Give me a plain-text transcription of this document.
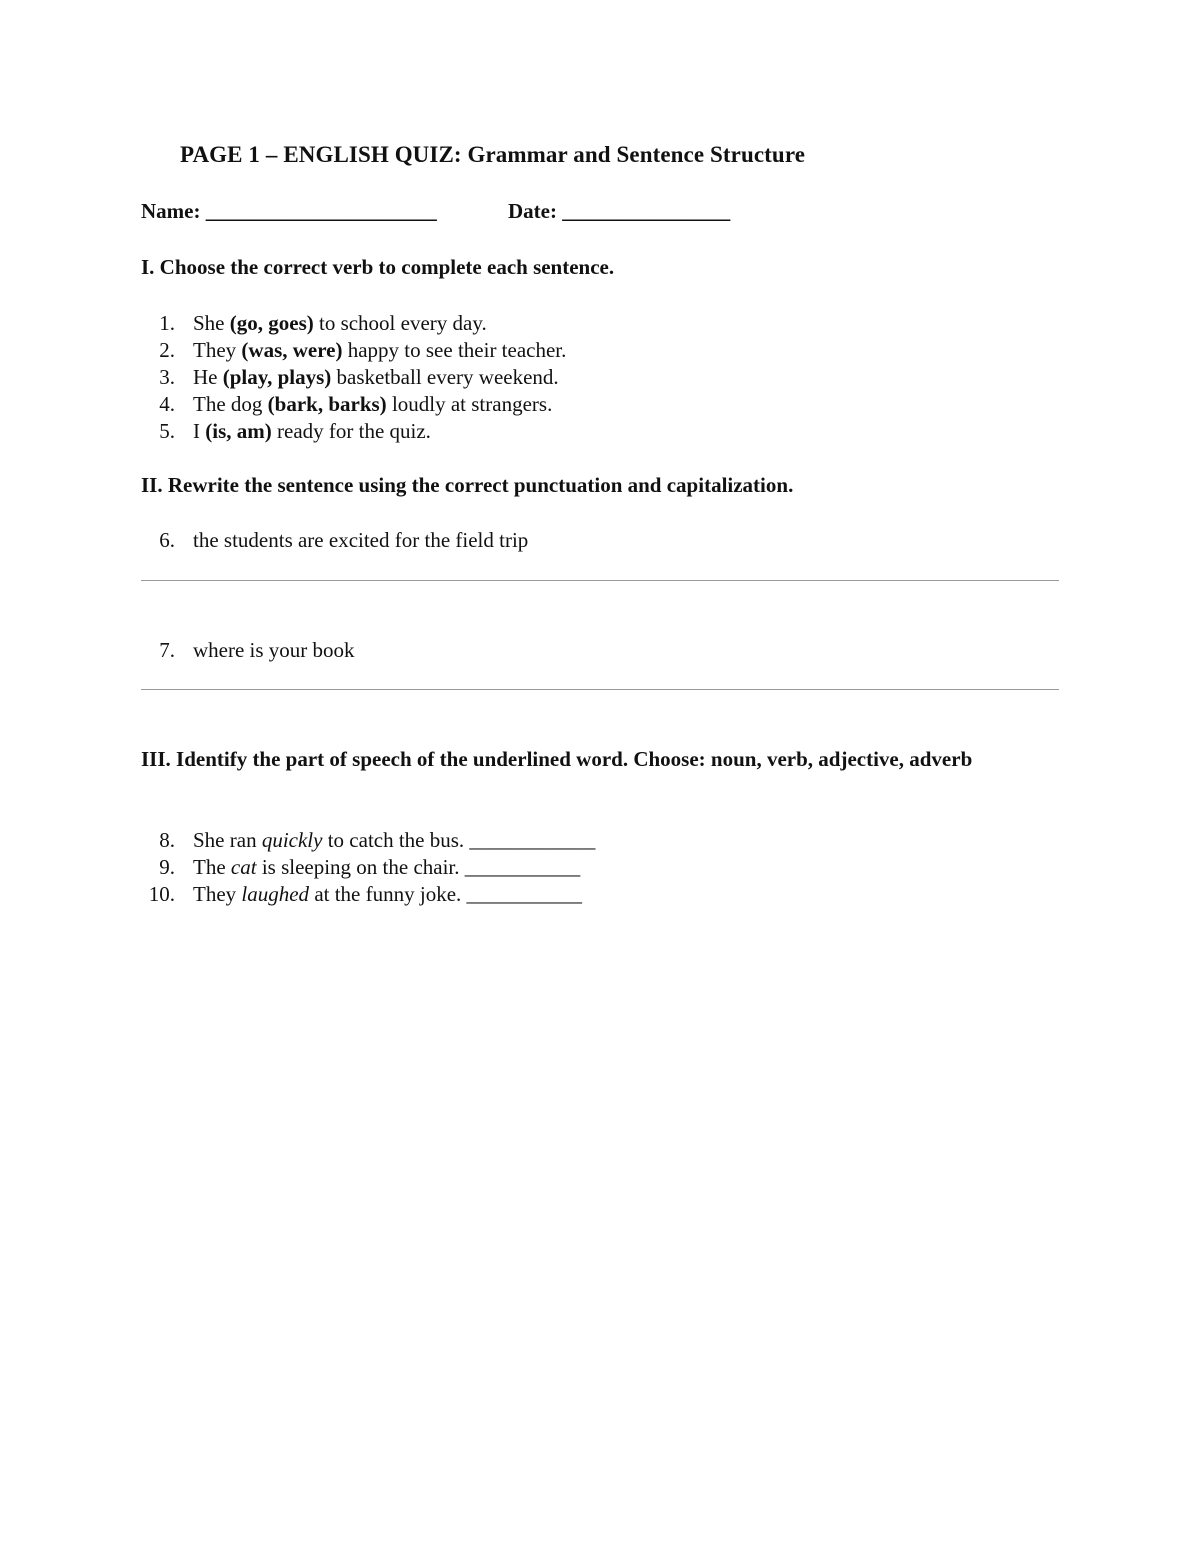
PAGE 1 – ENGLISH QUIZ: Grammar and Sentence Structure
Name: ______________________	Date: ________________
I. Choose the correct verb to complete each sentence.
1. She (go, goes) to school every day.
2. They (was, were) happy to see their teacher.
3. He (play, plays) basketball every weekend.
4. The dog (bark, barks) loudly at strangers.
5. I (is, am) ready for the quiz.
II. Rewrite the sentence using the correct punctuation and capitalization.
6. the students are excited for the field trip
7. where is your book
III. Identify the part of speech of the underlined word. Choose: noun, verb, adjective, adverb
8. She ran quickly to catch the bus. ____________
9. The cat is sleeping on the chair. ___________
10. They laughed at the funny joke. ___________
